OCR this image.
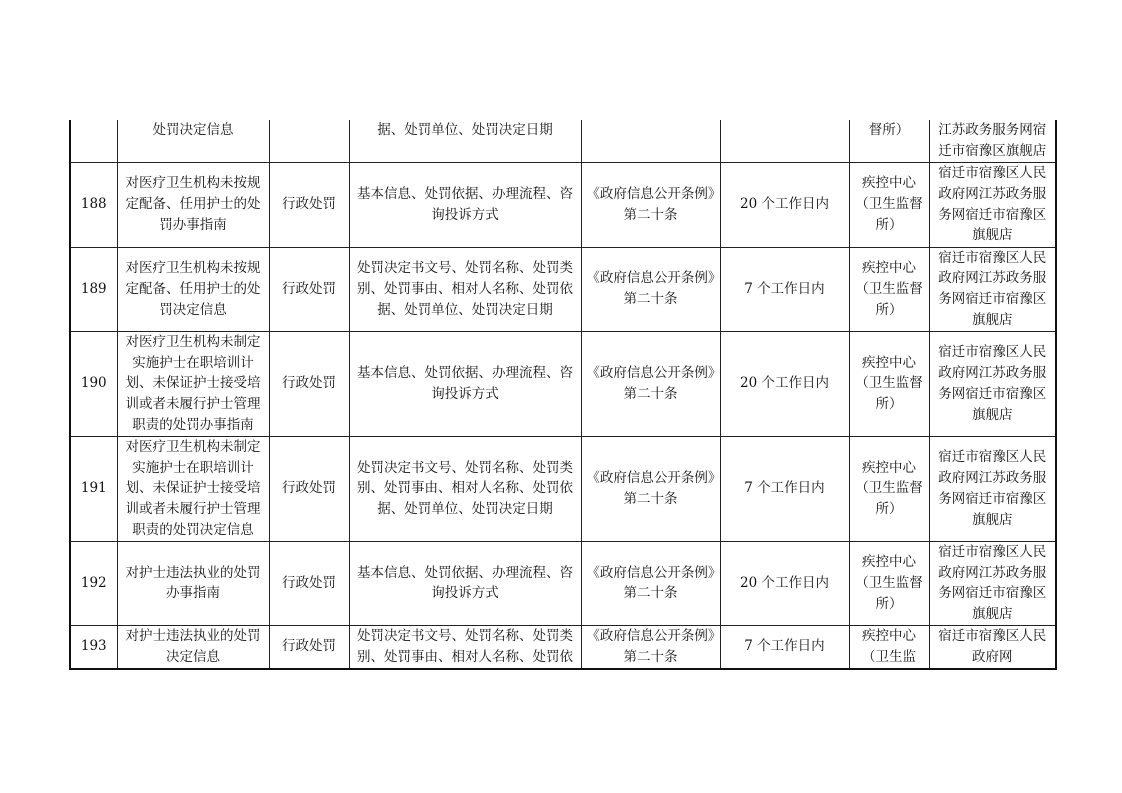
	处罚决定信息		据、处罚单位、处罚决定日期			督所）	江苏政务服务网宿迁市宿豫区旗舰店
188	对医疗卫生机构未按规定配备、任用护士的处罚办事指南	行政处罚	基本信息、处罚依据、办理流程、咨询投诉方式	《政府信息公开条例》第二十条	20 个工作日内	疾控中心（卫生监督所）	宿迁市宿豫区人民政府网江苏政务服务网宿迁市宿豫区旗舰店
189	对医疗卫生机构未按规定配备、任用护士的处罚决定信息	行政处罚	处罚决定书文号、处罚名称、处罚类别、处罚事由、相对人名称、处罚依据、处罚单位、处罚决定日期	《政府信息公开条例》第二十条	7 个工作日内	疾控中心（卫生监督所）	宿迁市宿豫区人民政府网江苏政务服务网宿迁市宿豫区旗舰店
190	对医疗卫生机构未制定实施护士在职培训计划、未保证护士接受培训或者未履行护士管理职责的处罚办事指南	行政处罚	基本信息、处罚依据、办理流程、咨询投诉方式	《政府信息公开条例》第二十条	20 个工作日内	疾控中心（卫生监督所）	宿迁市宿豫区人民政府网江苏政务服务网宿迁市宿豫区旗舰店
191	对医疗卫生机构未制定实施护士在职培训计划、未保证护士接受培训或者未履行护士管理职责的处罚决定信息	行政处罚	处罚决定书文号、处罚名称、处罚类别、处罚事由、相对人名称、处罚依据、处罚单位、处罚决定日期	《政府信息公开条例》第二十条	7 个工作日内	疾控中心（卫生监督所）	宿迁市宿豫区人民政府网江苏政务服务网宿迁市宿豫区旗舰店
192	对护士违法执业的处罚办事指南	行政处罚	基本信息、处罚依据、办理流程、咨询投诉方式	《政府信息公开条例》第二十条	20 个工作日内	疾控中心（卫生监督所）	宿迁市宿豫区人民政府网江苏政务服务网宿迁市宿豫区旗舰店
193	对护士违法执业的处罚决定信息	行政处罚	处罚决定书文号、处罚名称、处罚类别、处罚事由、相对人名称、处罚依	《政府信息公开条例》第二十条	7 个工作日内	疾控中心（卫生监	宿迁市宿豫区人民政府网
